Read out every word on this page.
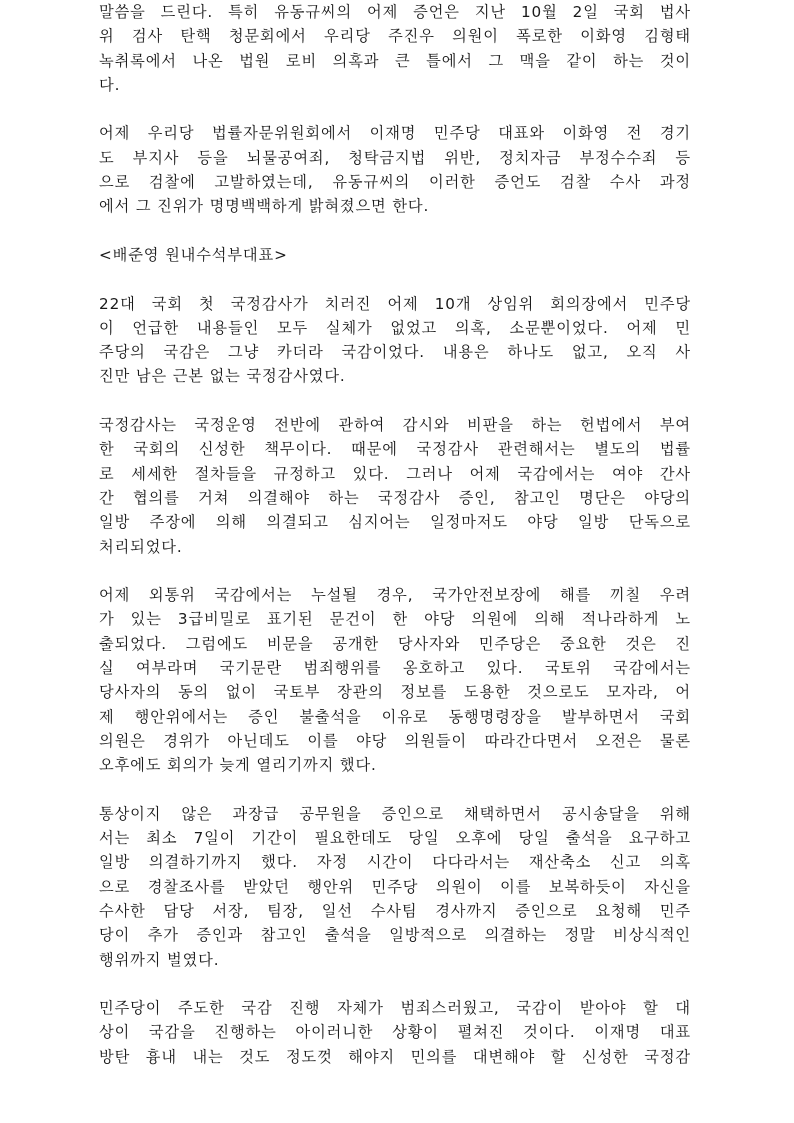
말씀을 드린다. 특히 유동규씨의 어제 증언은 지난 10월 2일 국회 법사
위 검사 탄핵 청문회에서 우리당 주진우 의원이 폭로한 이화영 김형태
녹취록에서 나온 법원 로비 의혹과 큰 틀에서 그 맥을 같이 하는 것이
다.
어제 우리당 법률자문위원회에서 이재명 민주당 대표와 이화영 전 경기
도 부지사 등을 뇌물공여죄, 청탁금지법 위반, 정치자금 부정수수죄 등
으로 검찰에 고발하였는데, 유동규씨의 이러한 증언도 검찰 수사 과정
에서 그 진위가 명명백백하게 밝혀졌으면 한다.
<배준영 원내수석부대표>
22대 국회 첫 국정감사가 치러진 어제 10개 상임위 회의장에서 민주당
이 언급한 내용들인 모두 실체가 없었고 의혹, 소문뿐이었다. 어제 민
주당의 국감은 그냥 카더라 국감이었다. 내용은 하나도 없고, 오직 사
진만 남은 근본 없는 국정감사였다.
국정감사는 국정운영 전반에 관하여 감시와 비판을 하는 헌법에서 부여
한 국회의 신성한 책무이다. 때문에 국정감사 관련해서는 별도의 법률
로 세세한 절차들을 규정하고 있다. 그러나 어제 국감에서는 여야 간사
간 협의를 거쳐 의결해야 하는 국정감사 증인, 참고인 명단은 야당의
일방 주장에 의해 의결되고 심지어는 일정마저도 야당 일방 단독으로
처리되었다.
어제 외통위 국감에서는 누설될 경우, 국가안전보장에 해를 끼칠 우려
가 있는 3급비밀로 표기된 문건이 한 야당 의원에 의해 적나라하게 노
출되었다. 그럼에도 비문을 공개한 당사자와 민주당은 중요한 것은 진
실 여부라며 국기문란 범죄행위를 옹호하고 있다. 국토위 국감에서는
당사자의 동의 없이 국토부 장관의 정보를 도용한 것으로도 모자라, 어
제 행안위에서는 증인 불출석을 이유로 동행명령장을 발부하면서 국회
의원은 경위가 아닌데도 이를 야당 의원들이 따라간다면서 오전은 물론
오후에도 회의가 늦게 열리기까지 했다.
통상이지 않은 과장급 공무원을 증인으로 채택하면서 공시송달을 위해
서는 최소 7일이 기간이 필요한데도 당일 오후에 당일 출석을 요구하고
일방 의결하기까지 했다. 자정 시간이 다다라서는 재산축소 신고 의혹
으로 경찰조사를 받았던 행안위 민주당 의원이 이를 보복하듯이 자신을
수사한 담당 서장, 팀장, 일선 수사팀 경사까지 증인으로 요청해 민주
당이 추가 증인과 참고인 출석을 일방적으로 의결하는 정말 비상식적인
행위까지 벌였다.
민주당이 주도한 국감 진행 자체가 범죄스러웠고, 국감이 받아야 할 대
상이 국감을 진행하는 아이러니한 상황이 펼쳐진 것이다. 이재명 대표
방탄 흉내 내는 것도 정도껏 해야지 민의를 대변해야 할 신성한 국정감
